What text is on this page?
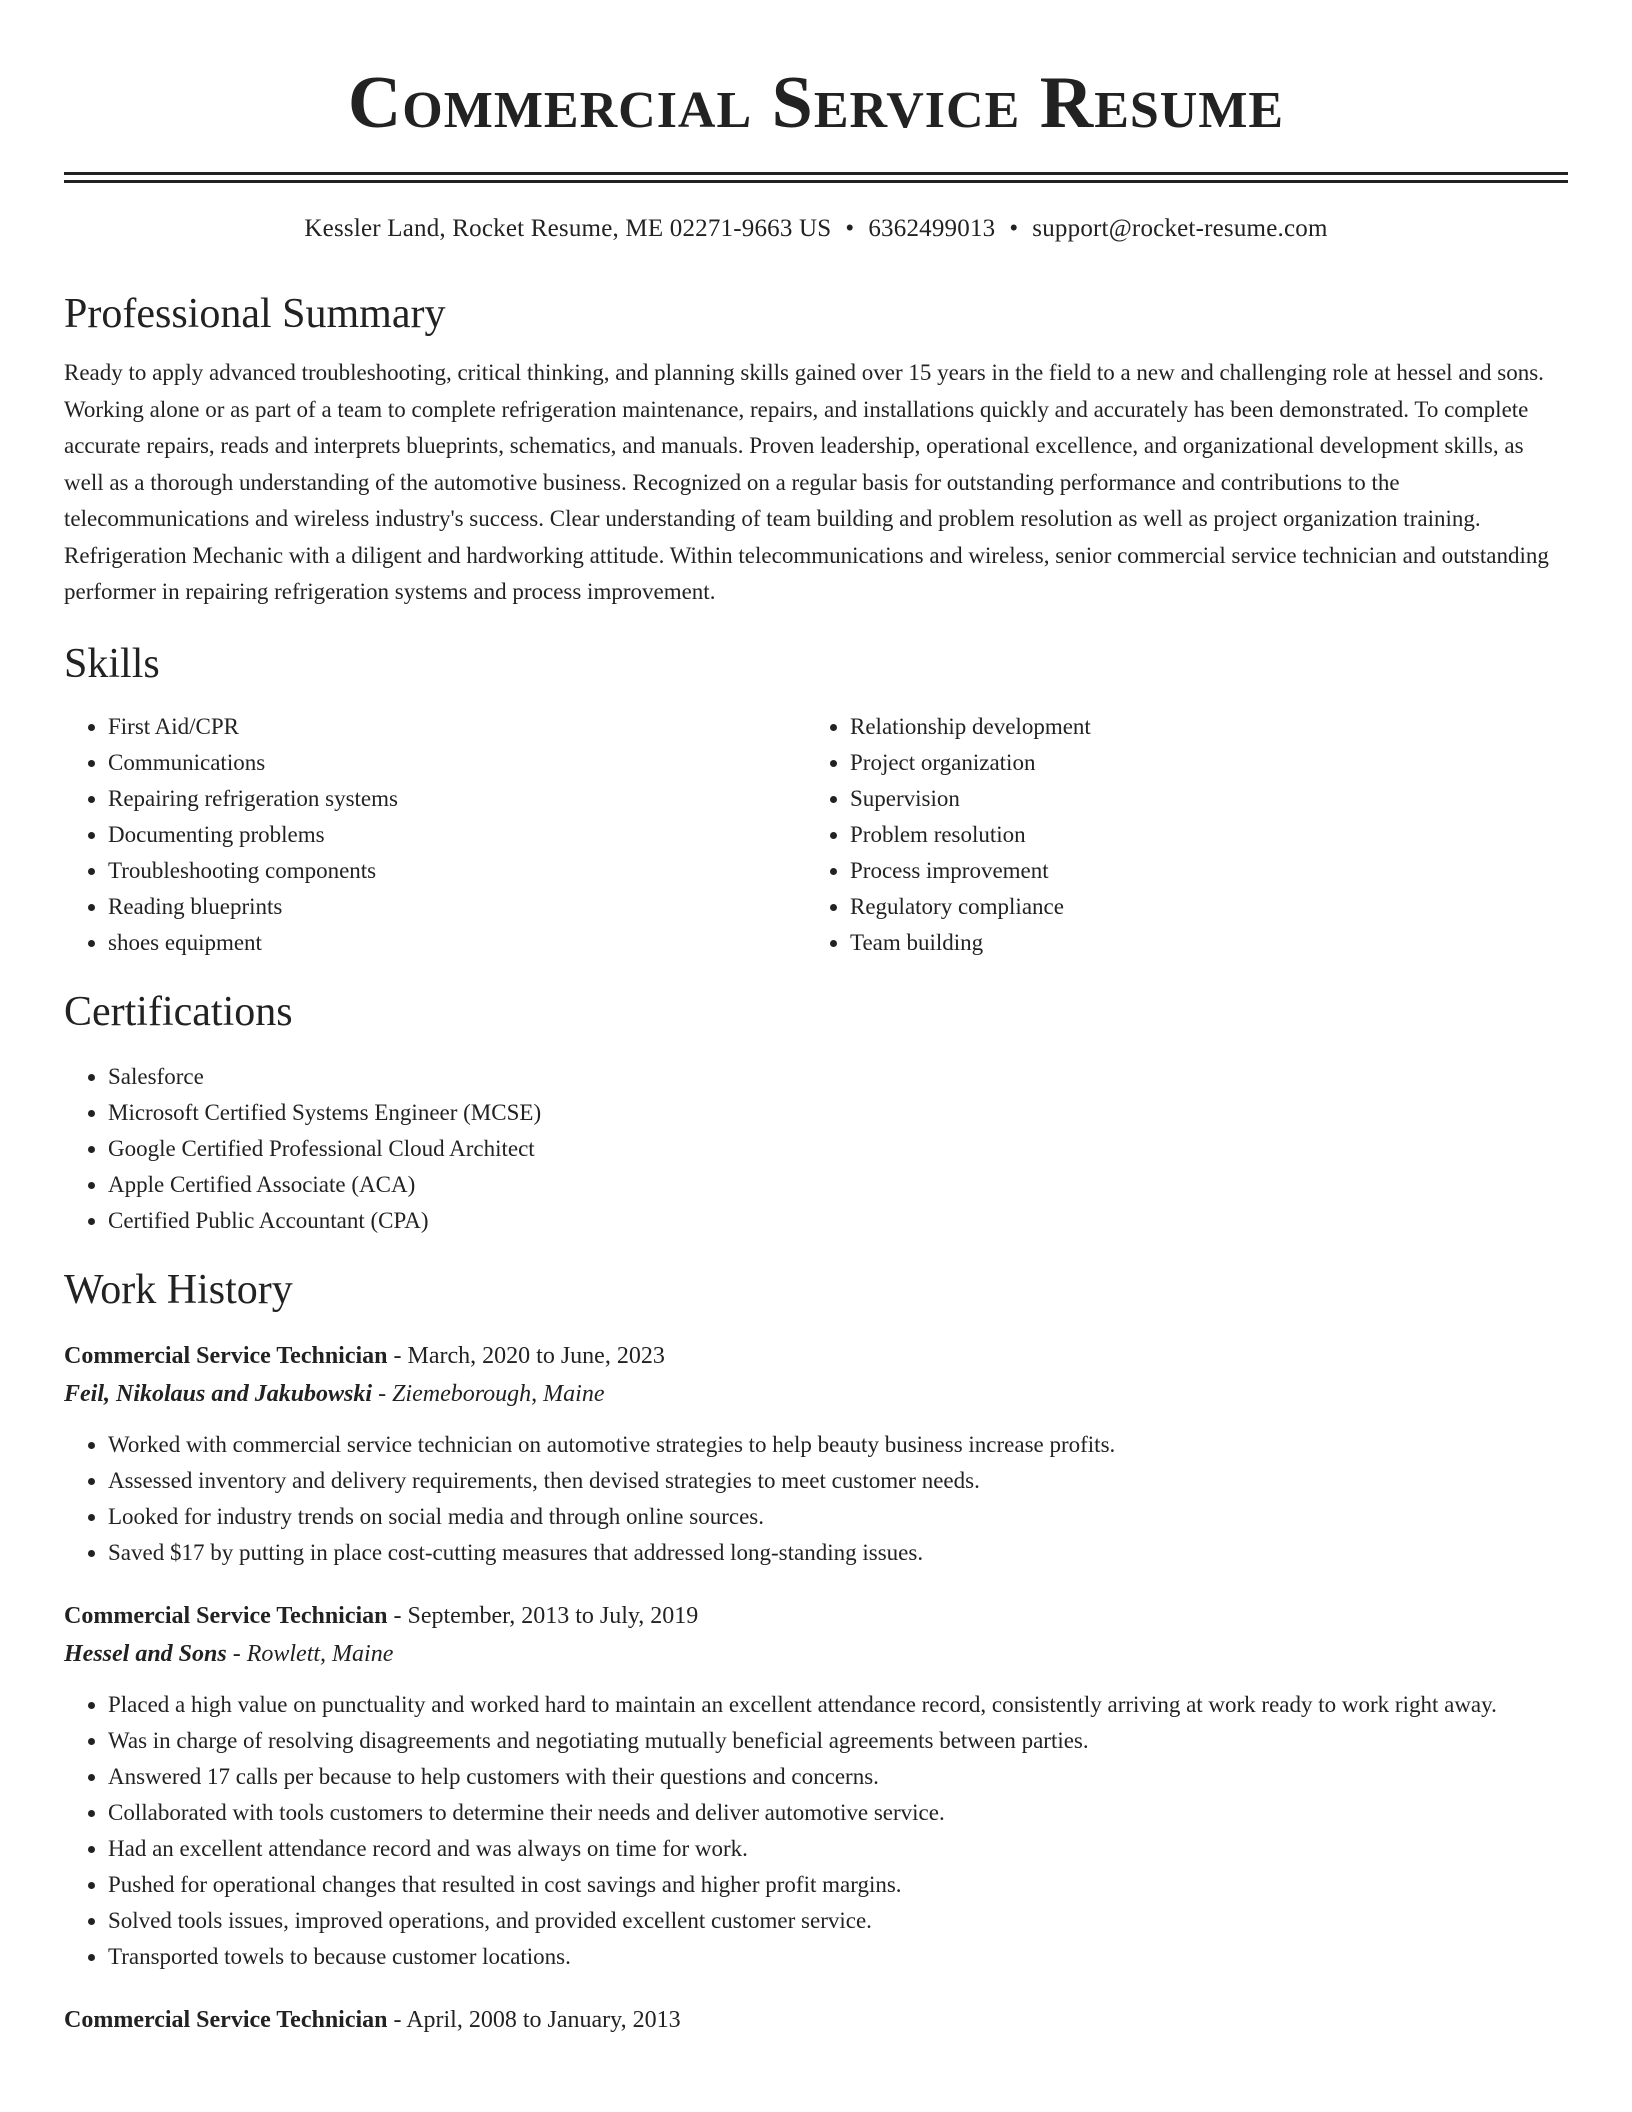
Commercial Service Resume
Kessler Land, Rocket Resume, ME 02271-9663 US • 6362499013 • support@rocket-resume.com
Professional Summary

Ready to apply advanced troubleshooting, critical thinking, and planning skills gained over 15 years in the field to a new and challenging role at hessel and sons. Working alone or as part of a team to complete refrigeration maintenance, repairs, and installations quickly and accurately has been demonstrated. To complete accurate repairs, reads and interprets blueprints, schematics, and manuals. Proven leadership, operational excellence, and organizational development skills, as well as a thorough understanding of the automotive business. Recognized on a regular basis for outstanding performance and contributions to the telecommunications and wireless industry's success. Clear understanding of team building and problem resolution as well as project organization training. Refrigeration Mechanic with a diligent and hardworking attitude. Within telecommunications and wireless, senior commercial service technician and outstanding performer in repairing refrigeration systems and process improvement.

Skills
• First Aid/CPR
• Communications
• Repairing refrigeration systems
• Documenting problems
• Troubleshooting components
• Reading blueprints
• shoes equipment
• Relationship development
• Project organization
• Supervision
• Problem resolution
• Process improvement
• Regulatory compliance
• Team building
Certifications
• Salesforce
• Microsoft Certified Systems Engineer (MCSE)
• Google Certified Professional Cloud Architect
• Apple Certified Associate (ACA)
• Certified Public Accountant (CPA)
Work History
Commercial Service Technician - March, 2020 to June, 2023
Feil, Nikolaus and Jakubowski - Ziemeborough, Maine
• Worked with commercial service technician on automotive strategies to help beauty business increase profits.
• Assessed inventory and delivery requirements, then devised strategies to meet customer needs.
• Looked for industry trends on social media and through online sources.
• Saved $17 by putting in place cost-cutting measures that addressed long-standing issues.
Commercial Service Technician - September, 2013 to July, 2019
Hessel and Sons - Rowlett, Maine
• Placed a high value on punctuality and worked hard to maintain an excellent attendance record, consistently arriving at work ready to work right away.
• Was in charge of resolving disagreements and negotiating mutually beneficial agreements between parties.
• Answered 17 calls per because to help customers with their questions and concerns.
• Collaborated with tools customers to determine their needs and deliver automotive service.
• Had an excellent attendance record and was always on time for work.
• Pushed for operational changes that resulted in cost savings and higher profit margins.
• Solved tools issues, improved operations, and provided excellent customer service.
• Transported towels to because customer locations.
Commercial Service Technician - April, 2008 to January, 2013
